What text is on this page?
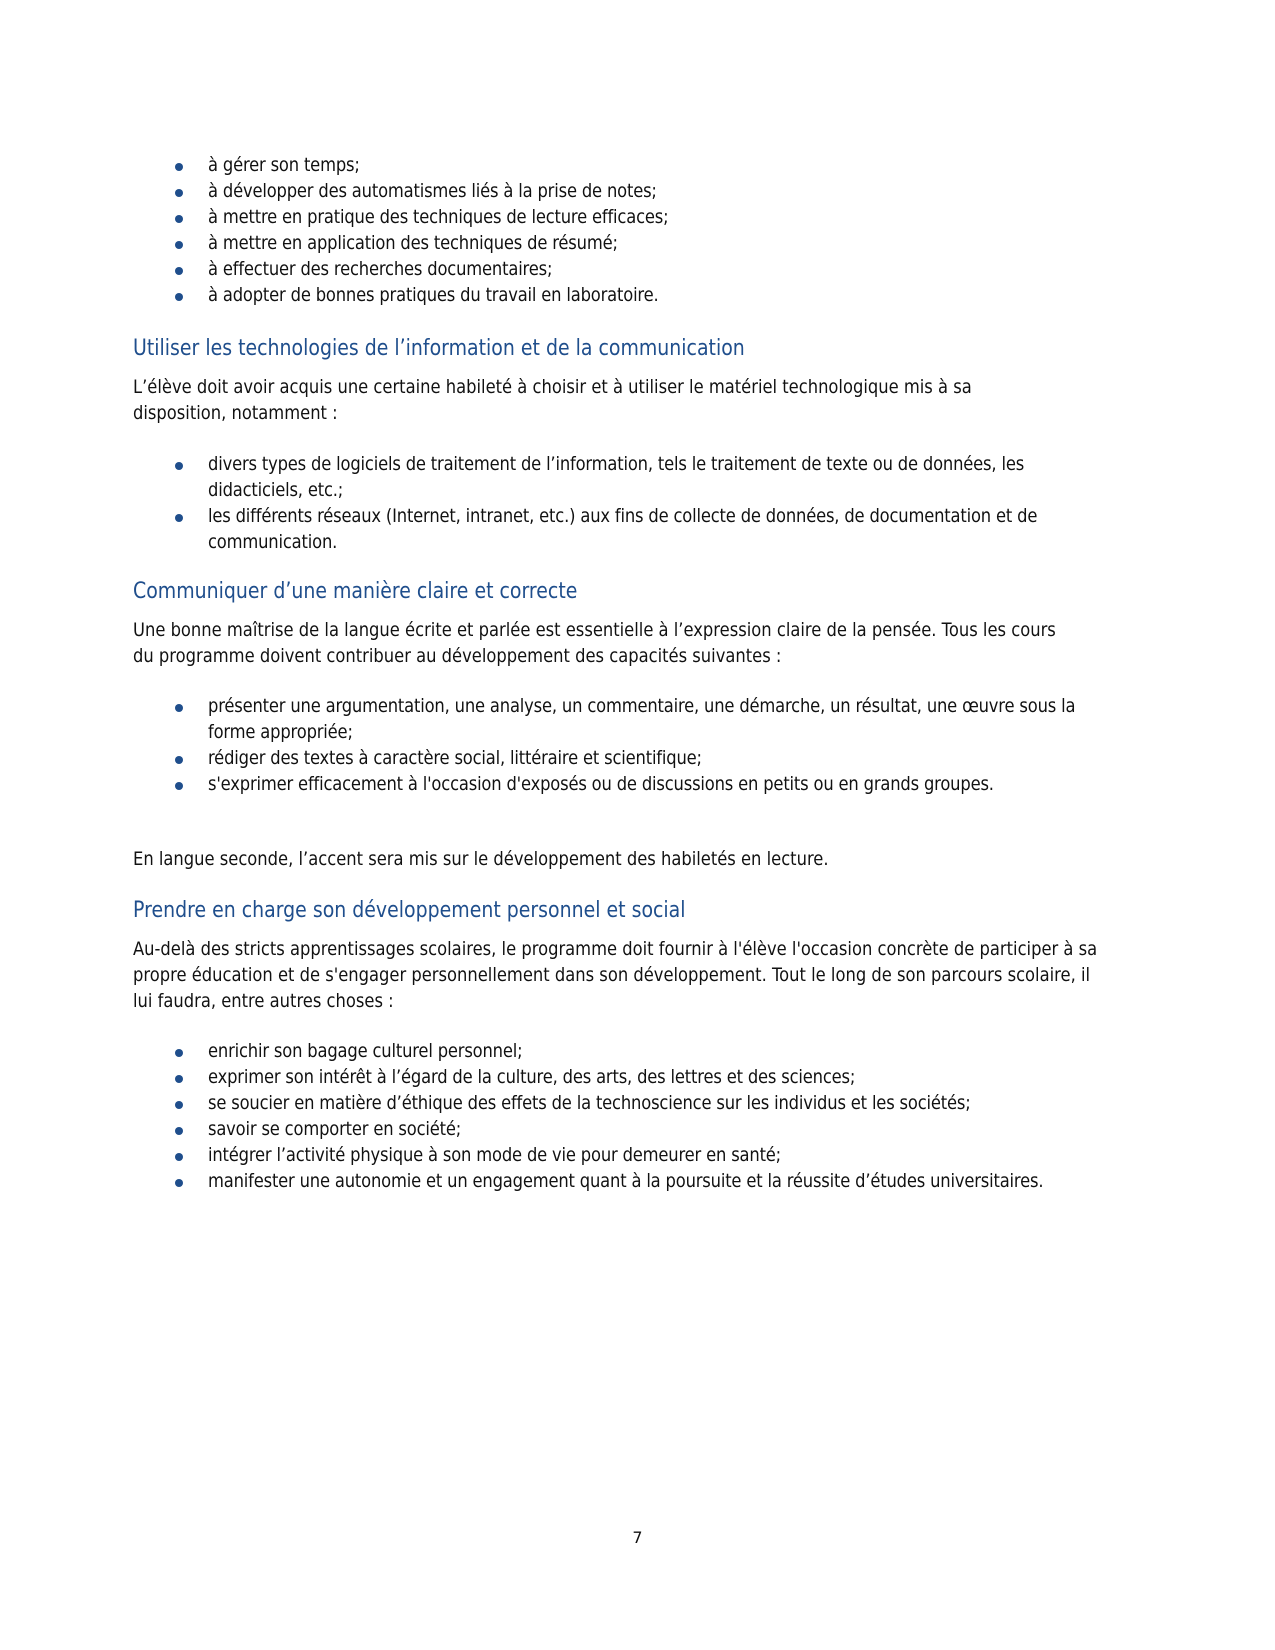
à gérer son temps;
à développer des automatismes liés à la prise de notes;
à mettre en pratique des techniques de lecture efficaces;
à mettre en application des techniques de résumé;
à effectuer des recherches documentaires;
à adopter de bonnes pratiques du travail en laboratoire.
Utiliser les technologies de l’information et de la communication

L’élève doit avoir acquis une certaine habileté à choisir et à utiliser le matériel technologique mis à sa disposition, notamment :

divers types de logiciels de traitement de l’information, tels le traitement de texte ou de données, les didacticiels, etc.;
les différents réseaux (Internet, intranet, etc.) aux fins de collecte de données, de documentation et de communication.
Communiquer d’une manière claire et correcte

Une bonne maîtrise de la langue écrite et parlée est essentielle à l’expression claire de la pensée. Tous les cours du programme doivent contribuer au développement des capacités suivantes :

présenter une argumentation, une analyse, un commentaire, une démarche, un résultat, une œuvre sous la forme appropriée;
rédiger des textes à caractère social, littéraire et scientifique;
s'exprimer efficacement à l'occasion d'exposés ou de discussions en petits ou en grands groupes.

En langue seconde, l’accent sera mis sur le développement des habiletés en lecture.

Prendre en charge son développement personnel et social

Au-delà des stricts apprentissages scolaires, le programme doit fournir à l'élève l'occasion concrète de participer à sa propre éducation et de s'engager personnellement dans son développement. Tout le long de son parcours scolaire, il lui faudra, entre autres choses :

enrichir son bagage culturel personnel;
exprimer son intérêt à l’égard de la culture, des arts, des lettres et des sciences;
se soucier en matière d’éthique des effets de la technoscience sur les individus et les sociétés;
savoir se comporter en société;
intégrer l’activité physique à son mode de vie pour demeurer en santé;
manifester une autonomie et un engagement quant à la poursuite et la réussite d’études universitaires.
7
